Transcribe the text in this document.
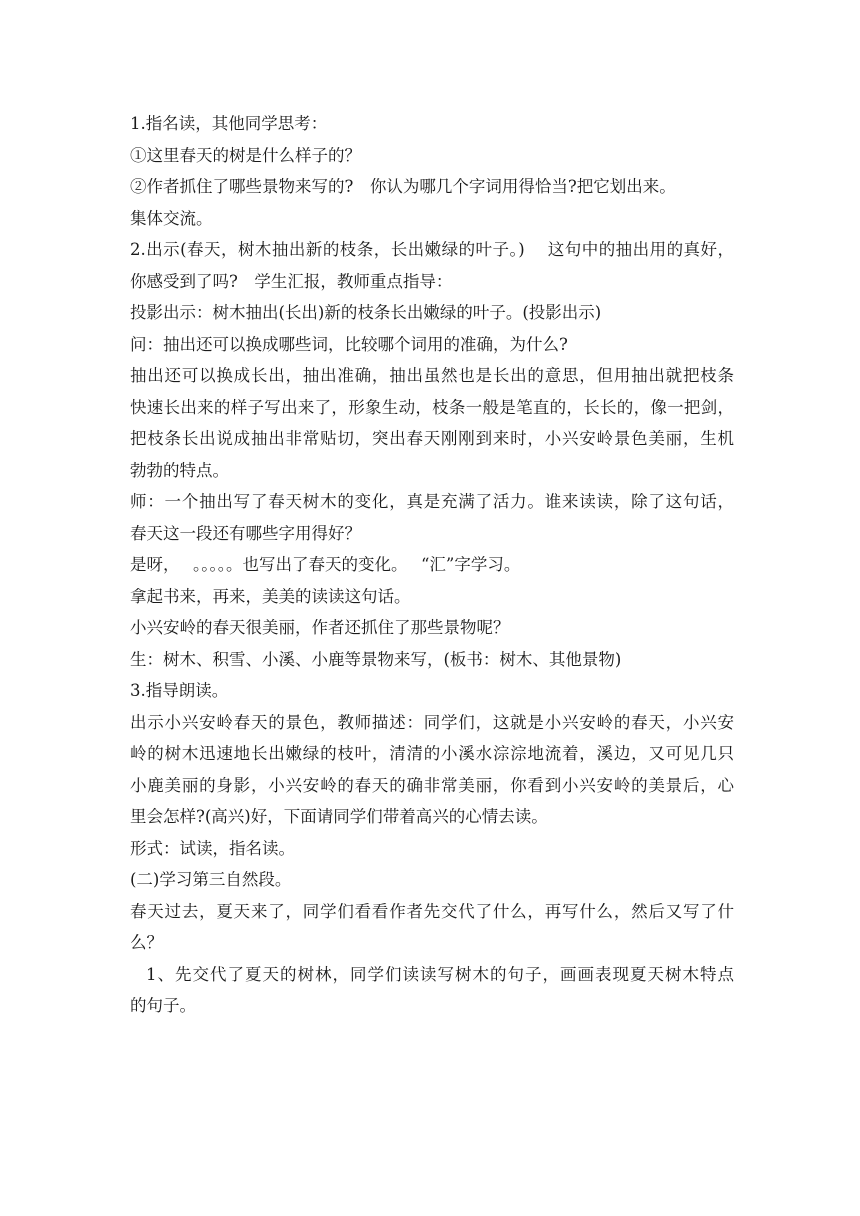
1.指名读，其他同学思考：

①这里春天的树是什么样子的？

②作者抓住了哪些景物来写的?　你认为哪几个字词用得恰当?把它划出来。

集体交流。

2.出示(春天，树木抽出新的枝条，长出嫩绿的叶子。)　 这句中的抽出用的真好，

你感受到了吗?　学生汇报，教师重点指导：

投影出示：树木抽出(长出)新的枝条长出嫩绿的叶子。(投影出示)

问：抽出还可以换成哪些词，比较哪个词用的准确，为什么?

抽出还可以换成长出，抽出准确，抽出虽然也是长出的意思，但用抽出就把枝条

快速长出来的样子写出来了，形象生动，枝条一般是笔直的，长长的，像一把剑，

把枝条长出说成抽出非常贴切，突出春天刚刚到来时，小兴安岭景色美丽，生机

勃勃的特点。

师：一个抽出写了春天树木的变化，真是充满了活力。谁来读读，除了这句话，

春天这一段还有哪些字用得好？

是呀，　 。。。。。也写出了春天的变化。　 “汇”字学习。

拿起书来，再来，美美的读读这句话。

小兴安岭的春天很美丽，作者还抓住了那些景物呢？

生：树木、积雪、小溪、小鹿等景物来写，(板书：树木、其他景物)

3.指导朗读。

出示小兴安岭春天的景色，教师描述：同学们，这就是小兴安岭的春天，小兴安

岭的树木迅速地长出嫩绿的枝叶，清清的小溪水淙淙地流着，溪边，又可见几只

小鹿美丽的身影，小兴安岭的春天的确非常美丽，你看到小兴安岭的美景后，心

里会怎样?(高兴)好，下面请同学们带着高兴的心情去读。

形式：试读，指名读。

(二)学习第三自然段。

春天过去，夏天来了，同学们看看作者先交代了什么，再写什么，然后又写了什

么？

1、先交代了夏天的树林，同学们读读写树木的句子，画画表现夏天树木特点

的句子。
